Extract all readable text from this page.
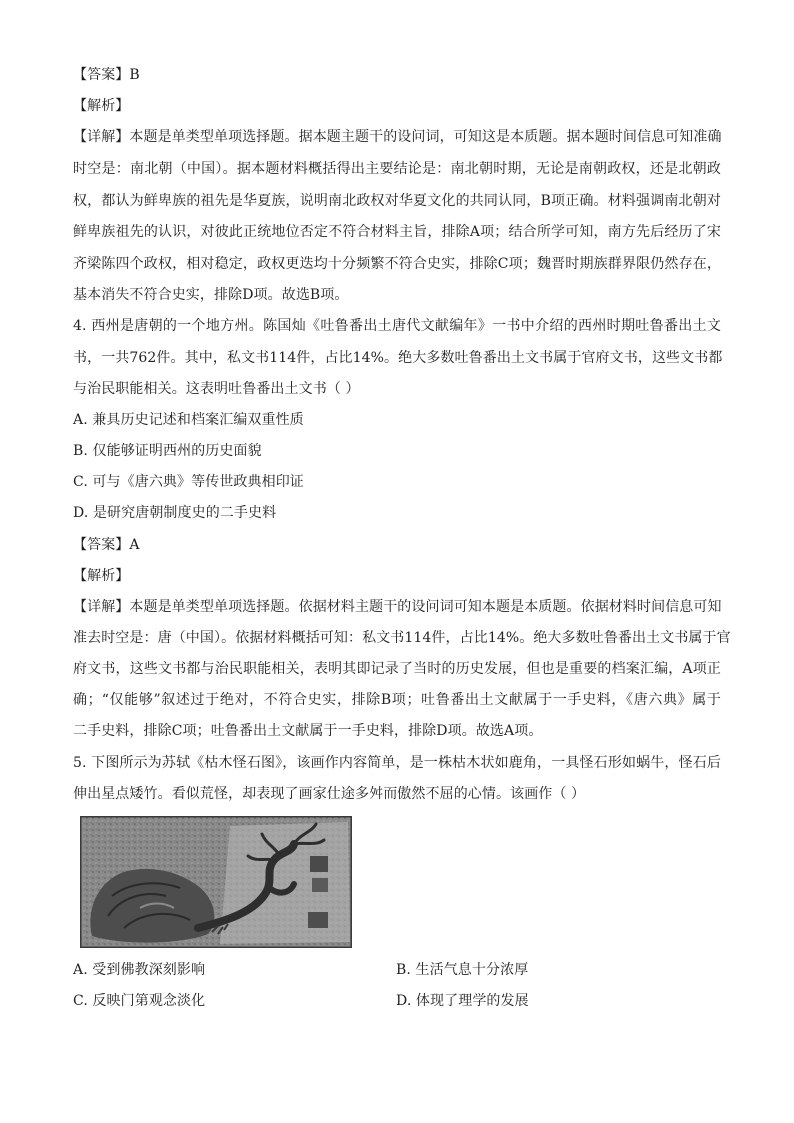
【答案】B
【解析】
【详解】本题是单类型单项选择题。据本题主题干的设问词，可知这是本质题。据本题时间信息可知准确
时空是：南北朝（中国）。据本题材料概括得出主要结论是：南北朝时期，无论是南朝政权，还是北朝政
权，都认为鲜卑族的祖先是华夏族，说明南北政权对华夏文化的共同认同，B项正确。材料强调南北朝对
鲜卑族祖先的认识，对彼此正统地位否定不符合材料主旨，排除A项；结合所学可知，南方先后经历了宋
齐梁陈四个政权，相对稳定，政权更迭均十分频繁不符合史实，排除C项；魏晋时期族群界限仍然存在，
基本消失不符合史实，排除D项。故选B项。
4. 西州是唐朝的一个地方州。陈国灿《吐鲁番出土唐代文献编年》一书中介绍的西州时期吐鲁番出土文
书，一共762件。其中，私文书114件，占比14%。绝大多数吐鲁番出土文书属于官府文书，这些文书都
与治民职能相关。这表明吐鲁番出土文书（ ）
A. 兼具历史记述和档案汇编双重性质
B. 仅能够证明西州的历史面貌
C. 可与《唐六典》等传世政典相印证
D. 是研究唐朝制度史的二手史料
【答案】A
【解析】
【详解】本题是单类型单项选择题。依据材料主题干的设问词可知本题是本质题。依据材料时间信息可知
准去时空是：唐（中国）。依据材料概括可知：私文书114件，占比14%。绝大多数吐鲁番出土文书属于官
府文书，这些文书都与治民职能相关，表明其即记录了当时的历史发展，但也是重要的档案汇编，A项正
确；“仅能够”叙述过于绝对，不符合史实，排除B项；吐鲁番出土文献属于一手史料，《唐六典》属于
二手史料，排除C项；吐鲁番出土文献属于一手史料，排除D项。故选A项。
5. 下图所示为苏轼《枯木怪石图》，该画作内容简单，是一株枯木状如鹿角，一具怪石形如蜗牛，怪石后
伸出星点矮竹。看似荒怪，却表现了画家仕途多舛而傲然不屈的心情。该画作（ ）
A. 受到佛教深刻影响	B. 生活气息十分浓厚
C. 反映门第观念淡化	D. 体现了理学的发展
